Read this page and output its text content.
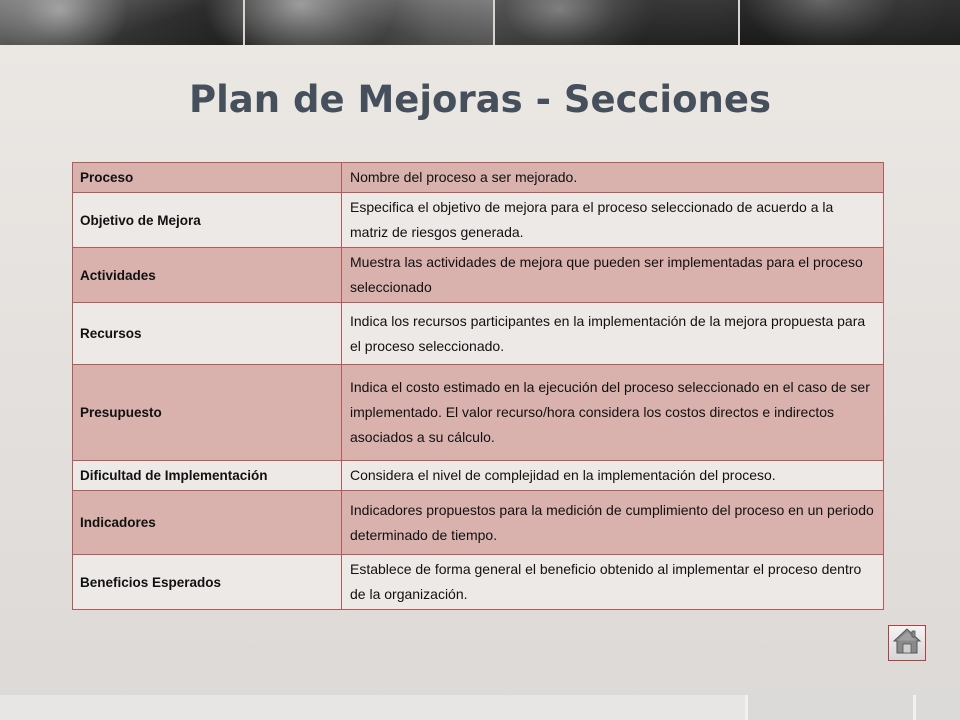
Plan de Mejoras - Secciones
Proceso	Nombre del proceso a ser mejorado.
Objetivo de Mejora	Especifica el objetivo de mejora para el proceso seleccionado de acuerdo a la matriz de riesgos generada.
Actividades	Muestra las actividades de mejora que pueden ser implementadas para el proceso seleccionado
Recursos	Indica los recursos participantes en la implementación de la mejora propuesta para el proceso seleccionado.
Presupuesto	Indica el costo estimado en la ejecución del proceso seleccionado en el caso de ser implementado. El valor recurso/hora considera los costos directos e indirectos asociados a su cálculo.
Dificultad de Implementación	Considera el nivel de complejidad en la implementación del proceso.
Indicadores	Indicadores propuestos para la medición de cumplimiento del proceso en un periodo determinado de tiempo.
Beneficios Esperados	Establece de forma general el beneficio obtenido al implementar el proceso dentro de la organización.
